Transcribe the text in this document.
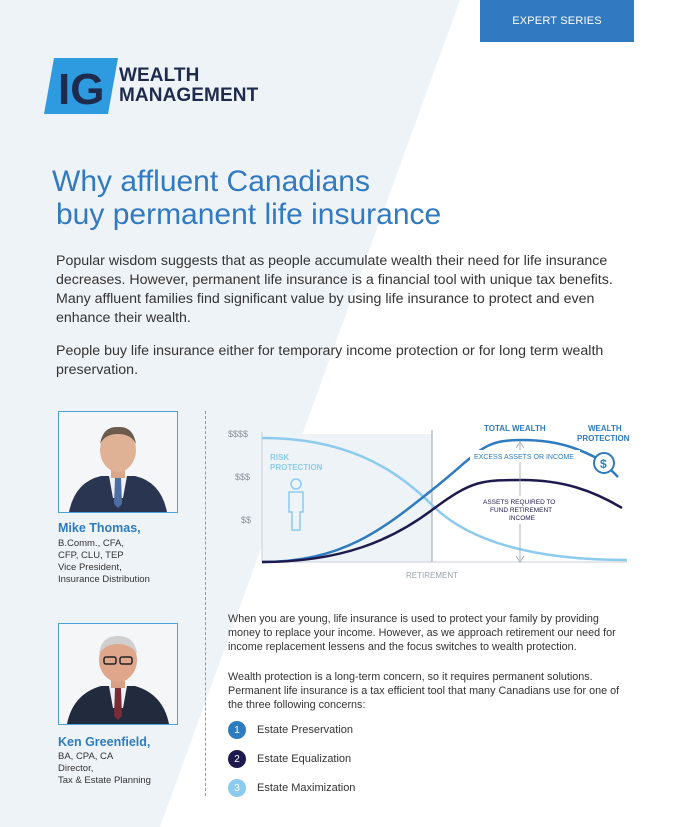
EXPERT SERIES
IG WEALTH
MANAGEMENT
Why affluent Canadians
buy permanent life insurance

Popular wisdom suggests that as people accumulate wealth their need for life insurance decreases. However, permanent life insurance is a financial tool with unique tax benefits. Many affluent families find significant value by using life insurance to protect and even enhance their wealth.

People buy life insurance either for temporary income protection or for long term wealth preservation.

Mike Thomas,
B.Comm., CFA,
CFP, CLU, TEP
Vice President,
Insurance Distribution
Ken Greenfield,
BA, CPA, CA
Director,
Tax & Estate Planning
$$$$
$$$
$$
RISK
PROTECTION
EXCESS ASSETS OR INCOME
ASSETS REQUIRED TO
FUND RETIREMENT
INCOME
TOTAL WEALTH	WEALTH
PROTECTION
$
RETIREMENT

When you are young, life insurance is used to protect your family by providing money to replace your income. However, as we approach retirement our need for income replacement lessens and the focus switches to wealth protection.

Wealth protection is a long-term concern, so it requires permanent solutions. Permanent life insurance is a tax efficient tool that many Canadians use for one of the three following concerns:

1	Estate Preservation
2	Estate Equalization
3	Estate Maximization
